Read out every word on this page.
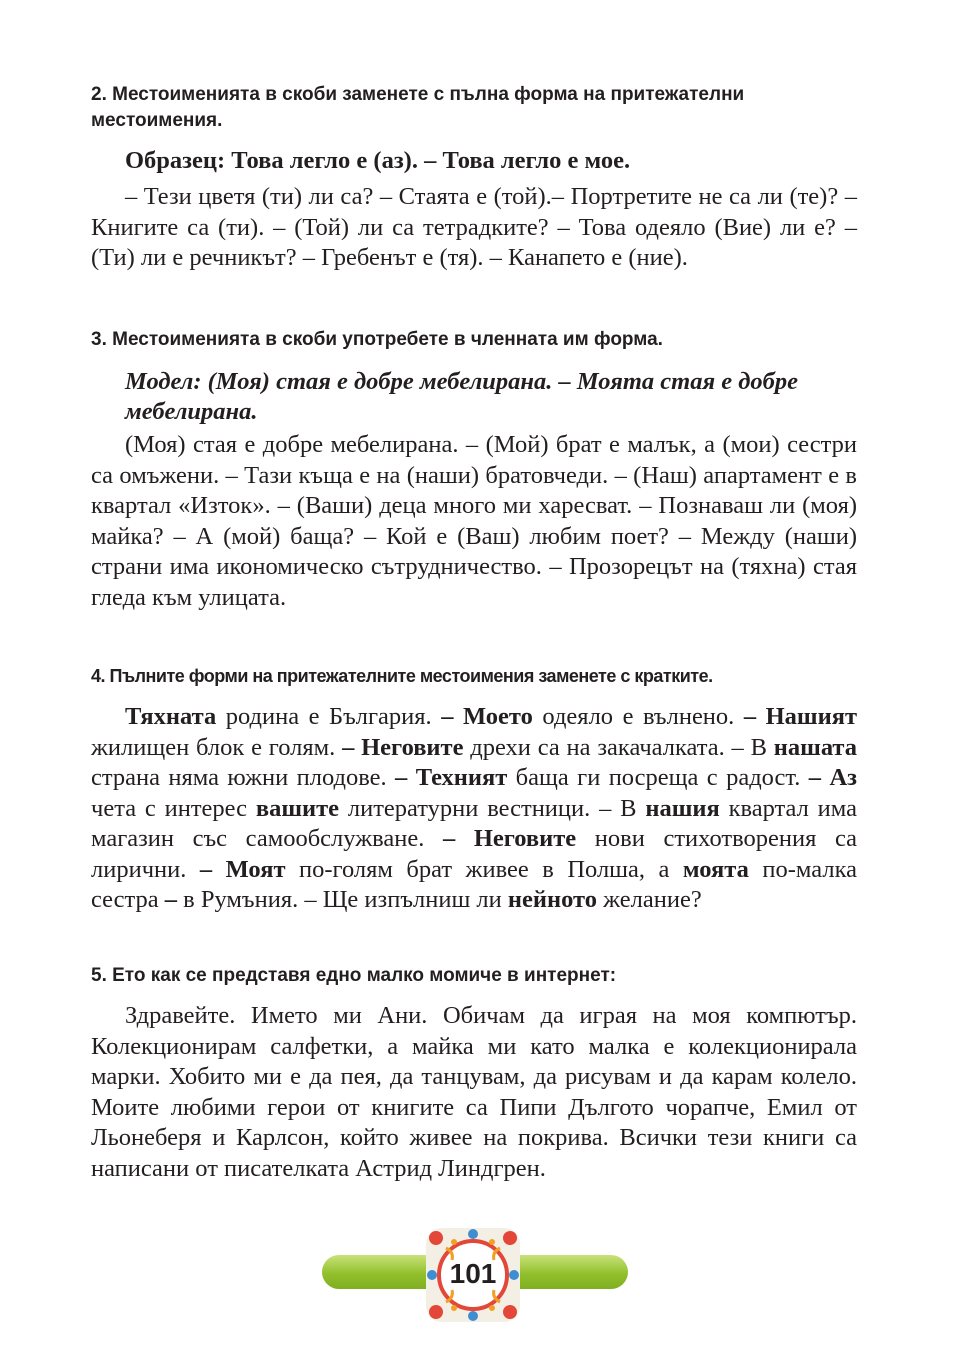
2. Местоименията в скоби заменете с пълна форма на притежателни местоимения.

Образец: Това легло е (аз). – Това легло е мое.

– Тези цветя (ти) ли са? – Стаята е (той).– Портретите не са ли (те)? – Книгите са (ти). – (Той) ли са тетрадките? – Това одеяло (Вие) ли е? – (Ти) ли е речникът? – Гребенът е (тя). – Канапето е (ние).

3. Местоименията в скоби употребете в членната им форма.

Модел: (Моя) стая е добре мебелирана. – Моята стая е добре мебелирана.

(Моя) стая е добре мебелирана. – (Мой) брат е малък, а (мои) сестри са омъжени. – Тази къща е на (наши) братовчеди. – (Наш) апартамент е в квартал «Изток». – (Ваши) деца много ми харесват. – Познаваш ли (моя) майка? – А (мой) баща? – Кой е (Ваш) любим поет? – Между (наши) страни има икономическо сътрудничество. – Прозорецът на (тяхна) стая гледа към улицата.

4. Пълните форми на притежателните местоимения заменете с кратките.

Тяхната родина е България. – Моето одеяло е вълнено. – Нашият жилищен блок е голям. – Неговите дрехи са на закачалката. – В нашата страна няма южни плодове. – Техният баща ги посреща с радост. – Аз чета с интерес вашите литературни вестници. – В нашия квартал има магазин със самообслужване. – Неговите нови стихотворения са лирични. – Моят по-голям брат живее в Полша, а моята по-малка сестра – в Румъния. – Ще изпълниш ли нейното желание?

5. Ето как се представя едно малко момиче в интернет:

Здравейте. Името ми Ани. Обичам да играя на моя компютър. Колекционирам салфетки, а майка ми като малка е колекционирала марки. Хобито ми е да пея, да танцувам, да рисувам и да карам колело. Моите любими герои от книгите са Пипи Дългото чорапче, Емил от Льонеберя и Карлсон, който живее на покрива. Всички тези книги са написани от писателката Астрид Линдгрен.

101
